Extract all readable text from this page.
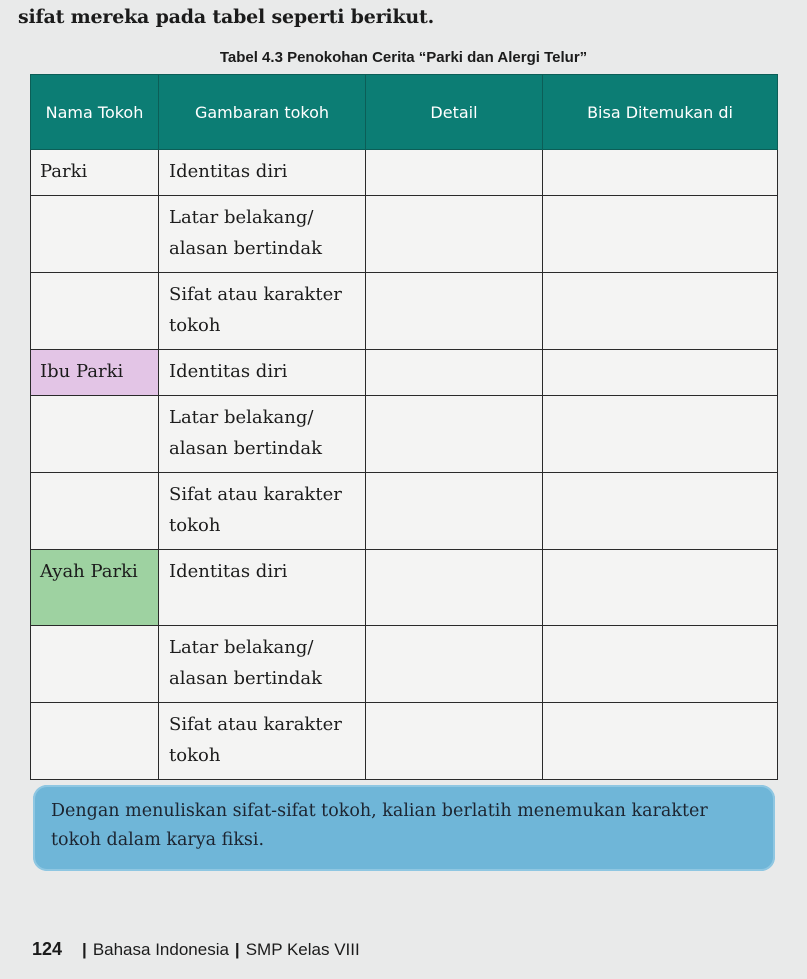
sifat mereka pada tabel seperti berikut.
Tabel 4.3 Penokohan Cerita “Parki dan Alergi Telur”
Nama Tokoh	Gambaran tokoh	Detail	Bisa Ditemukan di
Parki	Identitas diri		
	Latar belakang/ alasan bertindak		
	Sifat atau karakter tokoh		
Ibu Parki	Identitas diri		
	Latar belakang/ alasan bertindak		
	Sifat atau karakter tokoh		
Ayah Parki	Identitas diri		
	Latar belakang/ alasan bertindak		
	Sifat atau karakter tokoh		

Dengan menuliskan sifat-sifat tokoh, kalian berlatih menemukan karakter tokoh dalam karya fiksi.

124 | Bahasa Indonesia | SMP Kelas VIII
